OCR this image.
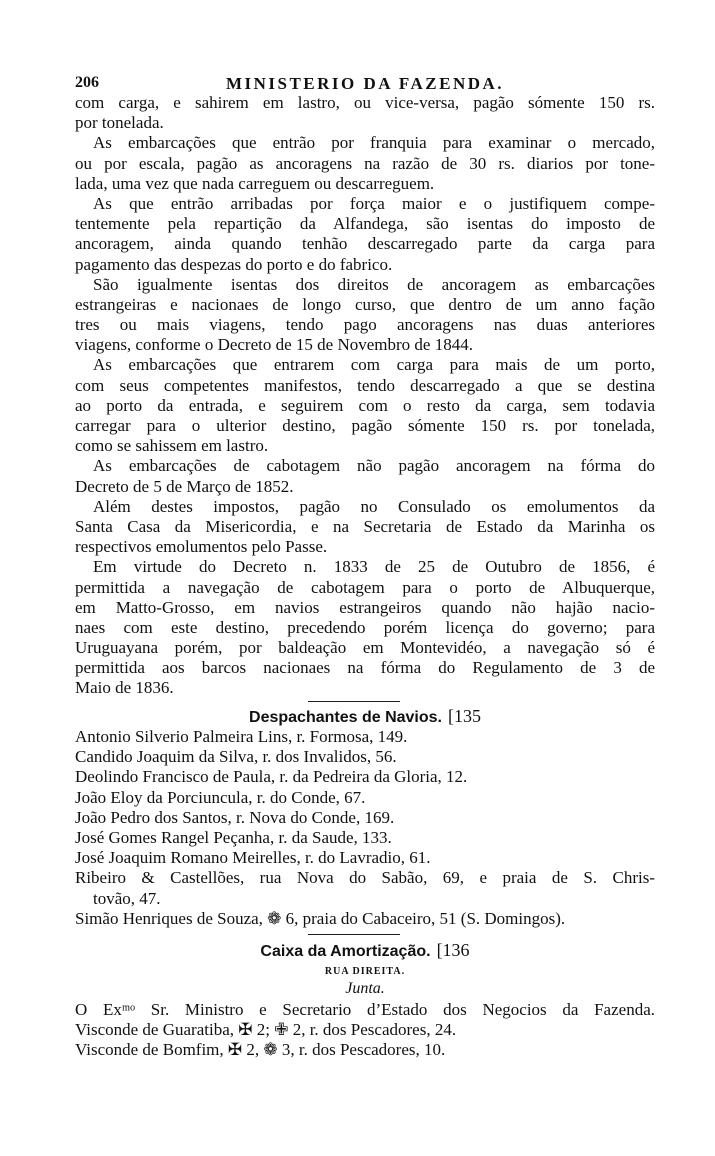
206	MINISTERIO DA FAZENDA.
com carga, e sahirem em lastro, ou vice-versa, pagão sómente 150 rs.
por tonelada.
As embarcações que entrão por franquia para examinar o mercado,
ou por escala, pagão as ancoragens na razão de 30 rs. diarios por tone-
lada, uma vez que nada carreguem ou descarreguem.
As que entrão arribadas por força maior e o justifiquem compe-
tentemente pela repartição da Alfandega, são isentas do imposto de
ancoragem, ainda quando tenhão descarregado parte da carga para
pagamento das despezas do porto e do fabrico.
São igualmente isentas dos direitos de ancoragem as embarcações
estrangeiras e nacionaes de longo curso, que dentro de um anno fação
tres ou mais viagens, tendo pago ancoragens nas duas anteriores
viagens, conforme o Decreto de 15 de Novembro de 1844.
As embarcações que entrarem com carga para mais de um porto,
com seus competentes manifestos, tendo descarregado a que se destina
ao porto da entrada, e seguirem com o resto da carga, sem todavia
carregar para o ulterior destino, pagão sómente 150 rs. por tonelada,
como se sahissem em lastro.
As embarcações de cabotagem não pagão ancoragem na fórma do
Decreto de 5 de Março de 1852.
Além destes impostos, pagão no Consulado os emolumentos da
Santa Casa da Misericordia, e na Secretaria de Estado da Marinha os
respectivos emolumentos pelo Passe.
Em virtude do Decreto n. 1833 de 25 de Outubro de 1856, é
permittida a navegação de cabotagem para o porto de Albuquerque,
em Matto-Grosso, em navios estrangeiros quando não hajão nacio-
naes com este destino, precedendo porém licença do governo; para
Uruguayana porém, por baldeação em Montevidéo, a navegação só é
permittida aos barcos nacionaes na fórma do Regulamento de 3 de
Maio de 1836.
Despachantes de Navios. [135
Antonio Silverio Palmeira Lins, r. Formosa, 149.
Candido Joaquim da Silva, r. dos Invalidos, 56.
Deolindo Francisco de Paula, r. da Pedreira da Gloria, 12.
João Eloy da Porciuncula, r. do Conde, 67.
João Pedro dos Santos, r. Nova do Conde, 169.
José Gomes Rangel Peçanha, r. da Saude, 133.
José Joaquim Romano Meirelles, r. do Lavradio, 61.
Ribeiro & Castellões, rua Nova do Sabão, 69, e praia de S. Chris-
tovão, 47.
Simão Henriques de Souza, ❁ 6, praia do Cabaceiro, 51 (S. Domingos).
Caixa da Amortização. [136
RUA DIREITA.
Junta.
O Exᵐᵒ Sr. Ministro e Secretario d’Estado dos Negocios da Fazenda.
Visconde de Guaratiba, ✠ 2; ✙ 2, r. dos Pescadores, 24.
Visconde de Bomfim, ✠ 2, ❁ 3, r. dos Pescadores, 10.
